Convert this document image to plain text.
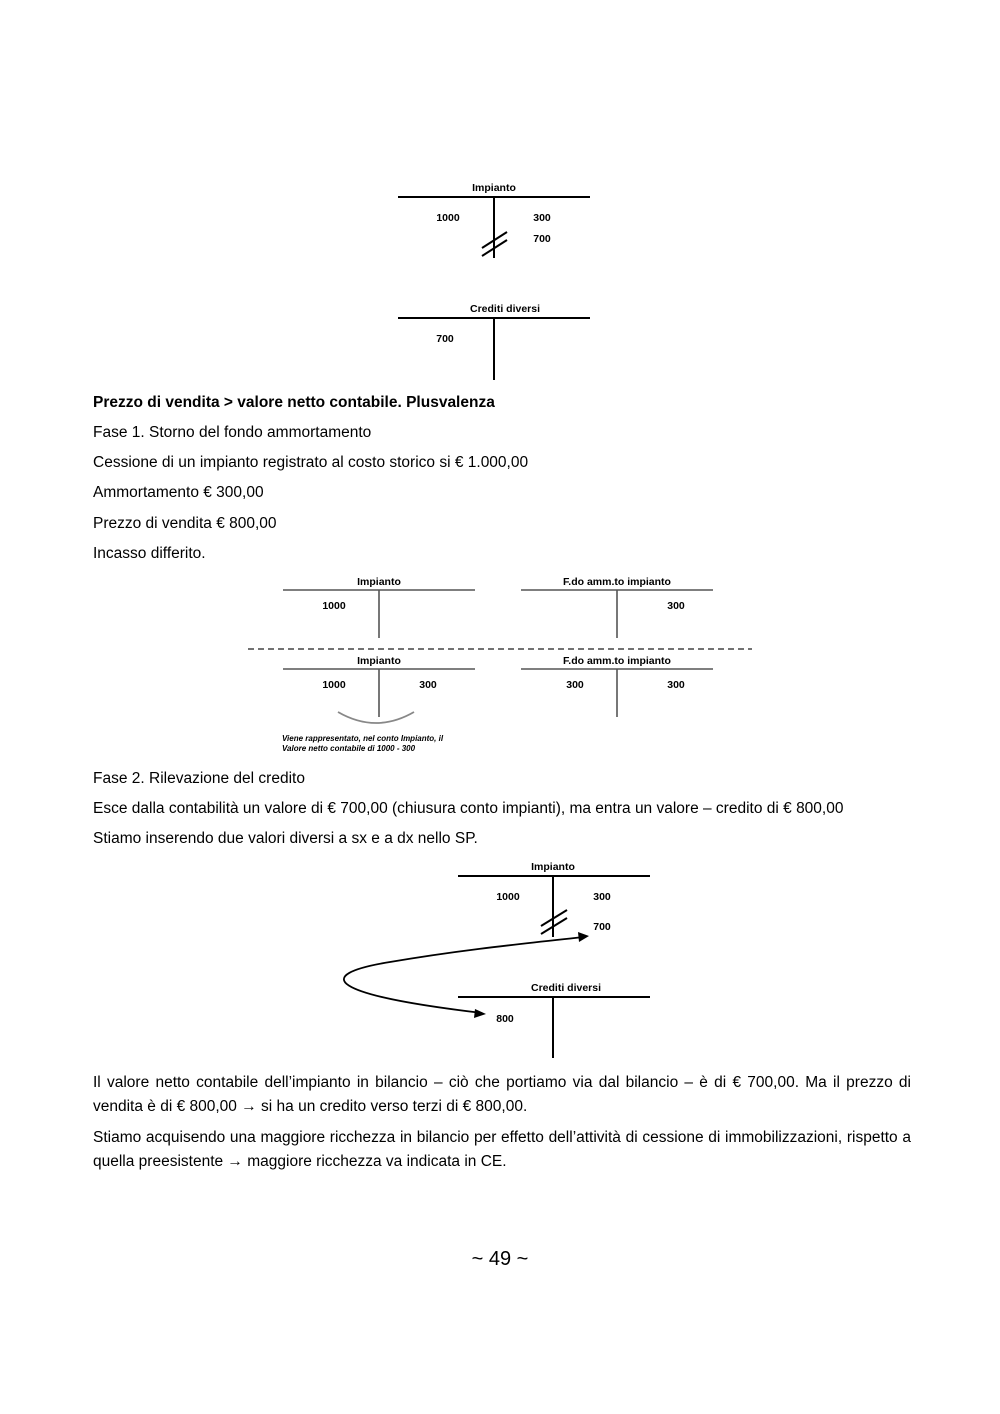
Impianto
1000	300
700
Crediti diversi
700

Prezzo di vendita > valore netto contabile. Plusvalenza

Fase 1. Storno del fondo ammortamento

Cessione di un impianto registrato al costo storico si € 1.000,00

Ammortamento € 300,00

Prezzo di vendita € 800,00

Incasso differito.

Impianto
1000
F.do amm.to impianto
300
Impianto
1000	300
F.do amm.to impianto
300	300
Viene rappresentato, nel conto Impianto, il
Valore netto contabile di 1000 - 300

Fase 2. Rilevazione del credito

Esce dalla contabilità un valore di € 700,00 (chiusura conto impianti), ma entra un valore – credito di € 800,00

Stiamo inserendo due valori diversi a sx e a dx nello SP.

Impianto
1000	300
700
Crediti diversi
800

Il valore netto contabile dell’impianto in bilancio – ciò che portiamo via dal bilancio – è di € 700,00. Ma il prezzo di vendita è di € 800,00 → si ha un credito verso terzi di € 800,00.

Stiamo acquisendo una maggiore ricchezza in bilancio per effetto dell’attività di cessione di immobilizzazioni, rispetto a quella preesistente → maggiore ricchezza va indicata in CE.

~ 49 ~
